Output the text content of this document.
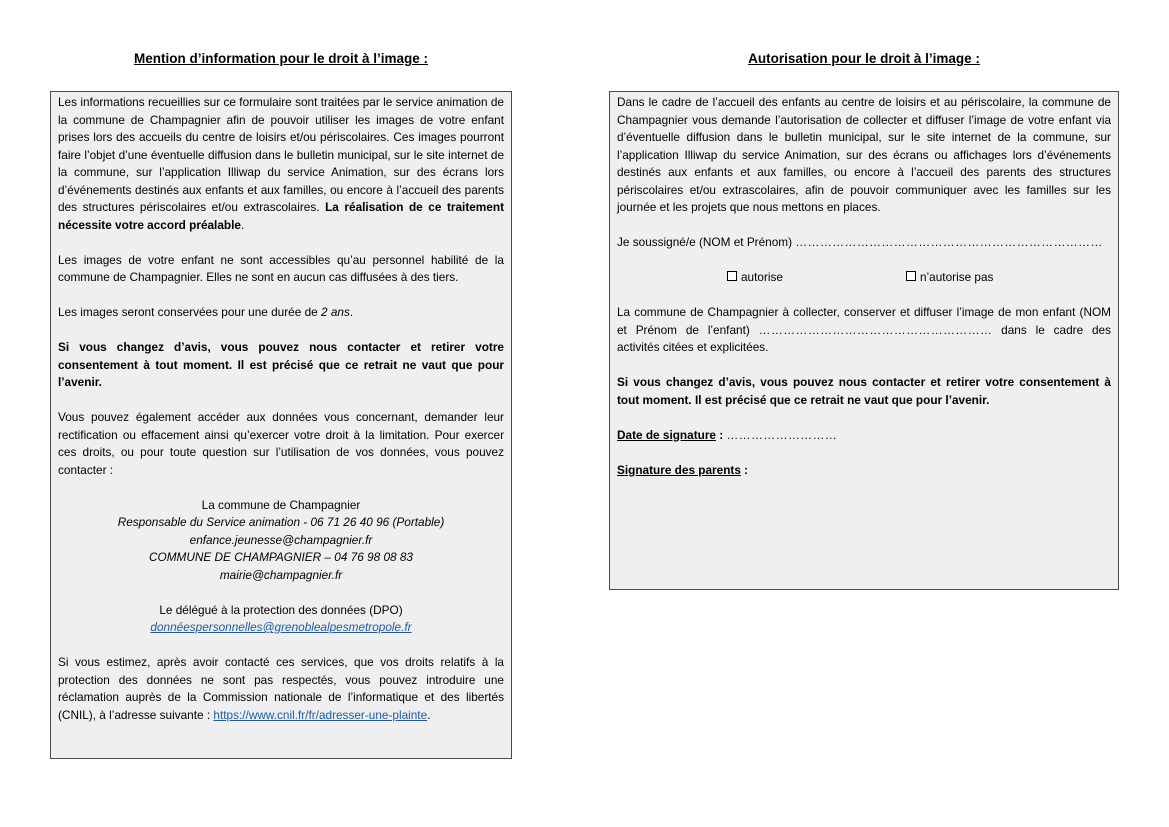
Mention d’information pour le droit à l’image :

Les informations recueillies sur ce formulaire sont traitées par le service animation de la commune de Champagnier afin de pouvoir utiliser les images de votre enfant prises lors des accueils du centre de loisirs et/ou périscolaires. Ces images pourront faire l’objet d’une éventuelle diffusion dans le bulletin municipal, sur le site internet de la commune, sur l’application Illiwap du service Animation, sur des écrans lors d’événements destinés aux enfants et aux familles, ou encore à l’accueil des parents des structures périscolaires et/ou extrascolaires. La réalisation de ce traitement nécessite votre accord préalable.

Les images de votre enfant ne sont accessibles qu’au personnel habilité de la commune de Champagnier. Elles ne sont en aucun cas diffusées à des tiers.

Les images seront conservées pour une durée de 2 ans.

Si vous changez d’avis, vous pouvez nous contacter et retirer votre consentement à tout moment. Il est précisé que ce retrait ne vaut que pour l’avenir.

Vous pouvez également accéder aux données vous concernant, demander leur rectification ou effacement ainsi qu’exercer votre droit à la limitation. Pour exercer ces droits, ou pour toute question sur l’utilisation de vos données, vous pouvez contacter :

La commune de Champagnier
Responsable du Service animation - 06 71 26 40 96 (Portable)
enfance.jeunesse@champagnier.fr
COMMUNE DE CHAMPAGNIER – 04 76 98 08 83
mairie@champagnier.fr

Le délégué à la protection des données (DPO)
donnéespersonnelles@grenoblealpesmetropole.fr

Si vous estimez, après avoir contacté ces services, que vos droits relatifs à la protection des données ne sont pas respectés, vous pouvez introduire une réclamation auprès de la Commission nationale de l’informatique et des libertés (CNIL), à l’adresse suivante : https://www.cnil.fr/fr/adresser-une-plainte.

Autorisation pour le droit à l’image :

Dans le cadre de l’accueil des enfants au centre de loisirs et au périscolaire, la commune de Champagnier vous demande l’autorisation de collecter et diffuser l’image de votre enfant via d’éventuelle diffusion dans le bulletin municipal, sur le site internet de la commune, sur l’application Illiwap du service Animation, sur des écrans ou affichages lors d’événements destinés aux enfants et aux familles, ou encore à l’accueil des parents des structures périscolaires et/ou extrascolaires, afin de pouvoir communiquer avec les familles sur les journée et les projets que nous mettons en places.

Je soussigné/e (NOM et Prénom) …………………………………………………………………

autorise	n’autorise pas

La commune de Champagnier à collecter, conserver et diffuser l’image de mon enfant (NOM et Prénom de l’enfant) ………………………………………………… dans le cadre des activités citées et explicitées.

Si vous changez d’avis, vous pouvez nous contacter et retirer votre consentement à tout moment. Il est précisé que ce retrait ne vaut que pour l’avenir.

Date de signature : ………………………

Signature des parents :
